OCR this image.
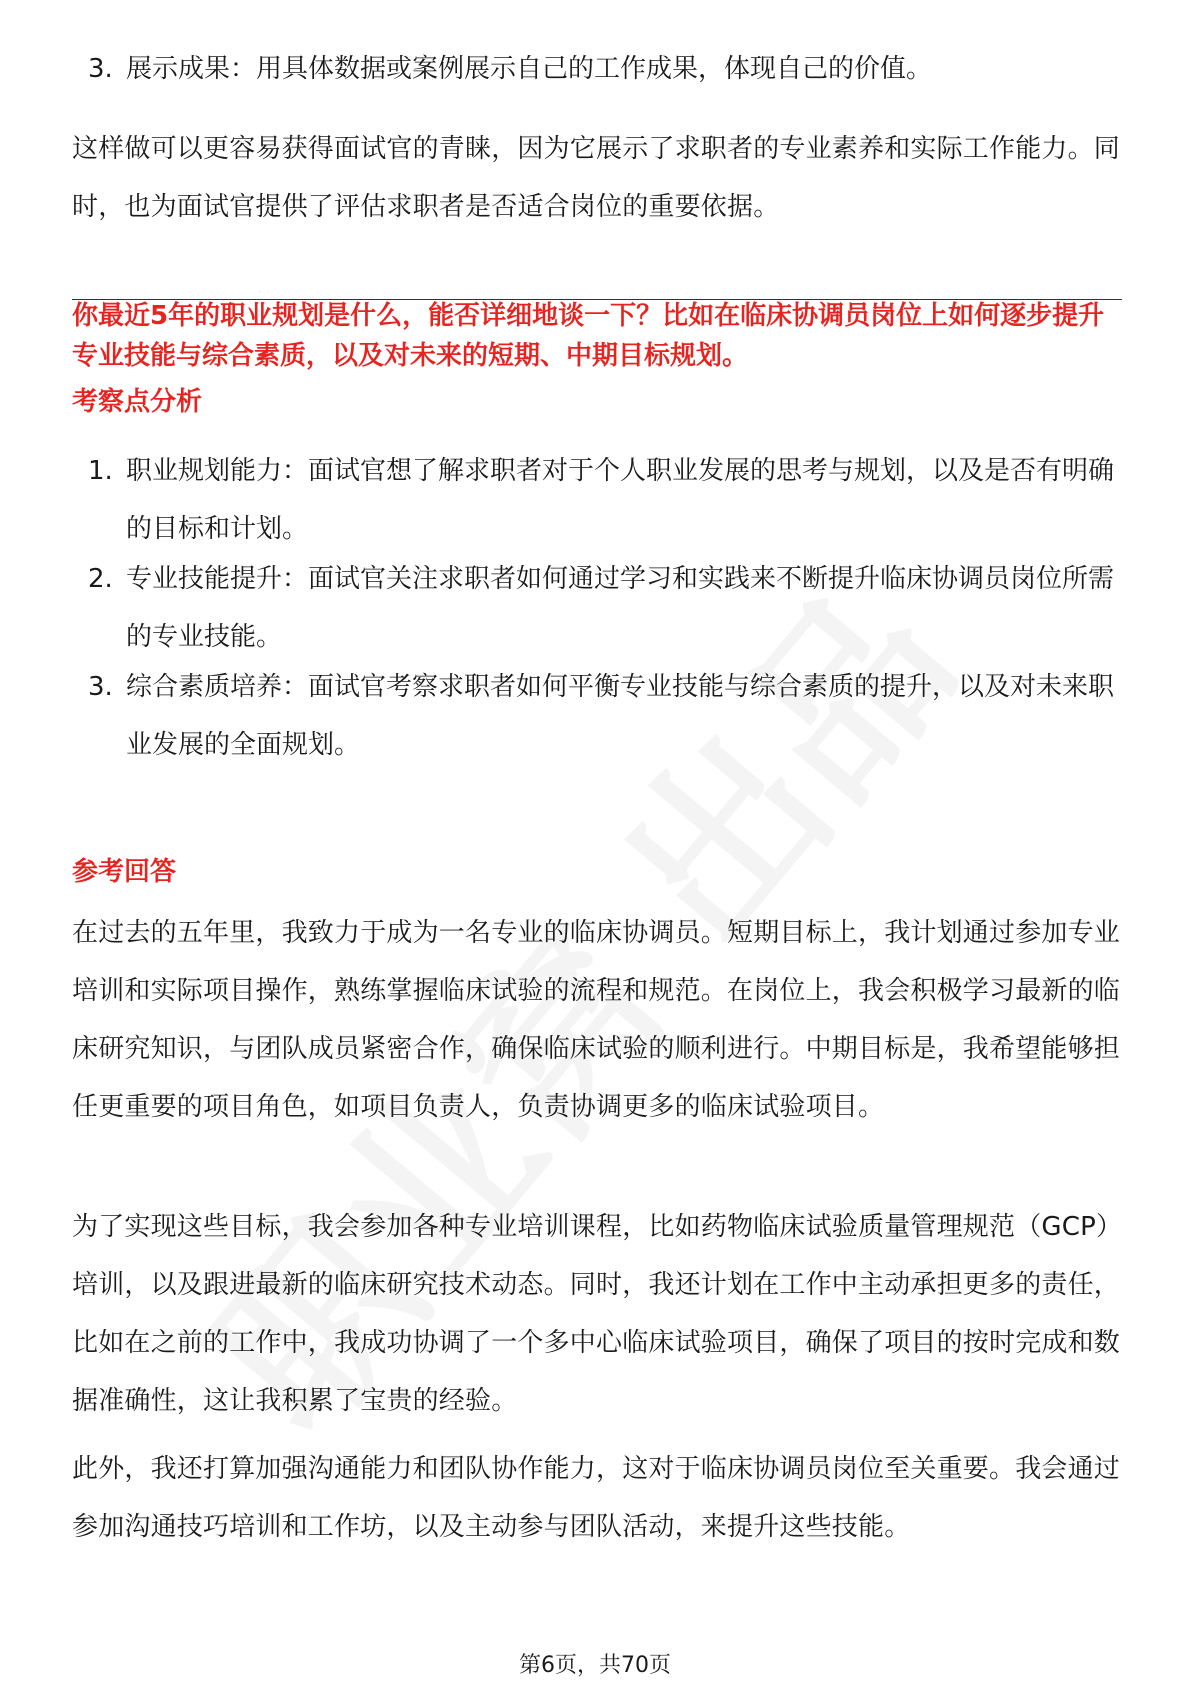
3. 展示成果：用具体数据或案例展示自己的工作成果，体现自己的价值。
这样做可以更容易获得面试官的青睐，因为它展示了求职者的专业素养和实际工作能力。同时，也为面试官提供了评估求职者是否适合岗位的重要依据。
你最近5年的职业规划是什么，能否详细地谈一下？比如在临床协调员岗位上如何逐步提升专业技能与综合素质，以及对未来的短期、中期目标规划。
考察点分析
1. 职业规划能力：面试官想了解求职者对于个人职业发展的思考与规划，以及是否有明确的目标和计划。
2. 专业技能提升：面试官关注求职者如何通过学习和实践来不断提升临床协调员岗位所需的专业技能。
3. 综合素质培养：面试官考察求职者如何平衡专业技能与综合素质的提升，以及对未来职业发展的全面规划。
参考回答
在过去的五年里，我致力于成为一名专业的临床协调员。短期目标上，我计划通过参加专业培训和实际项目操作，熟练掌握临床试验的流程和规范。在岗位上，我会积极学习最新的临床研究知识，与团队成员紧密合作，确保临床试验的顺利进行。中期目标是，我希望能够担任更重要的项目角色，如项目负责人，负责协调更多的临床试验项目。
为了实现这些目标，我会参加各种专业培训课程，比如药物临床试验质量管理规范（GCP）培训，以及跟进最新的临床研究技术动态。同时，我还计划在工作中主动承担更多的责任，比如在之前的工作中，我成功协调了一个多中心临床试验项目，确保了项目的按时完成和数据准确性，这让我积累了宝贵的经验。
此外，我还打算加强沟通能力和团队协作能力，这对于临床协调员岗位至关重要。我会通过参加沟通技巧培训和工作坊，以及主动参与团队活动，来提升这些技能。
第6页，共70页
